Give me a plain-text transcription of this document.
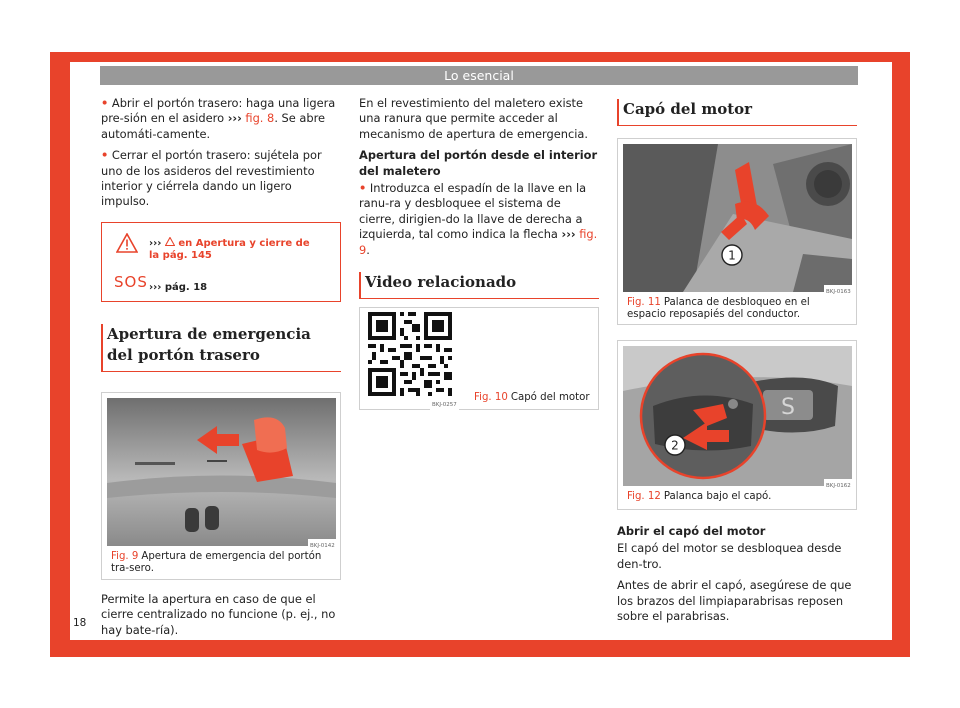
Lo esencial

• Abrir el portón trasero: haga una ligera pre-sión en el asidero ››› fig. 8. Se abre automáti-camente.

• Cerrar el portón trasero: sujétela por uno de los asideros del revestimiento interior y ciérrela dando un ligero impulso.

››› en Apertura y cierre de la pág. 145
SOS ››› pág. 18
Apertura de emergencia del portón trasero
BKJ-0142
Fig. 9 Apertura de emergencia del portón tra-sero.

Permite la apertura en caso de que el cierre centralizado no funcione (p. ej., no hay bate-ría).

En el revestimiento del maletero existe una ranura que permite acceder al mecanismo de apertura de emergencia.

Apertura del portón desde el interior del maletero

• Introduzca el espadín de la llave en la ranu-ra y desbloquee el sistema de cierre, dirigien-do la llave de derecha a izquierda, tal como indica la flecha ››› fig. 9.

Video relacionado
BKJ-0257
Fig. 10 Capó del motor
Capó del motor
1
BKJ-0163
Fig. 11 Palanca de desbloqueo en el espacio reposapiés del conductor.
S
2
BKJ-0162
Fig. 12 Palanca bajo el capó.
Abrir el capó del motor

El capó del motor se desbloquea desde den-tro.

Antes de abrir el capó, asegúrese de que los brazos del limpiaparabrisas reposen sobre el parabrisas.

18
